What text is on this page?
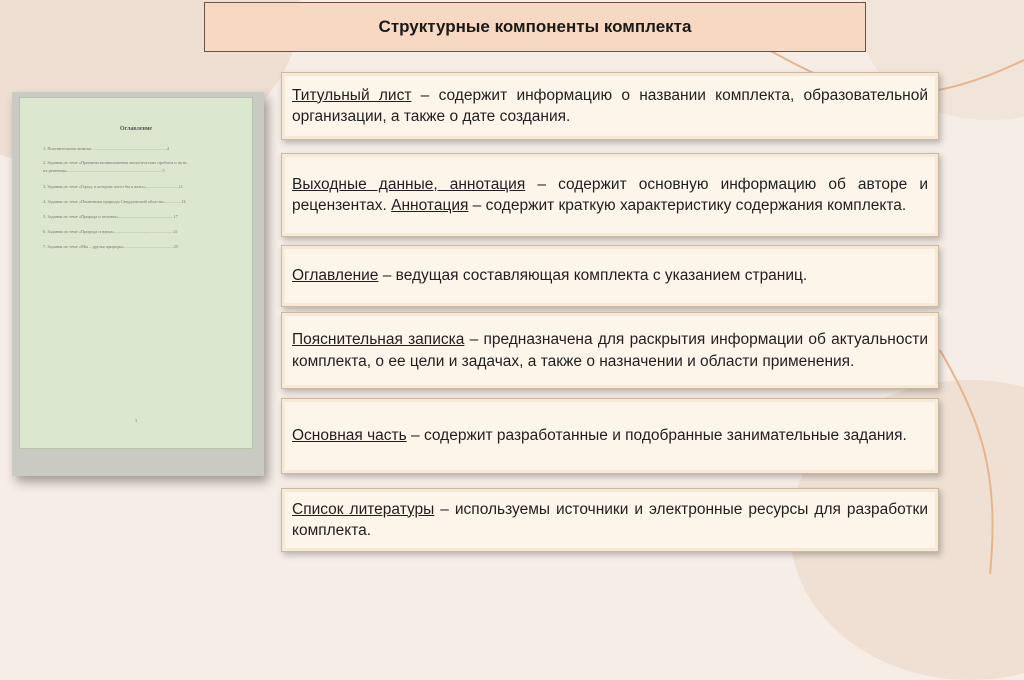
Структурные компоненты комплекта
Оглавление
1. Пояснительная записка.....................................................................4
2. Задания по теме «Причины возникновения экологических проблем и пути
их решения».......................................................................................5
3. Задания по теме «Город, в котором хотел бы я жить»..............................11
4. Задания по теме «Памятники природы Свердловской области»...............14
5. Задания по теме «Природа и человек»..................................................17
6. Задания по теме «Природа и наука»......................................................21
7. Задания по теме «Мы – друзья природы».............................................25
3
Титульный лист – содержит информацию о названии комплекта, образовательной организации, а также о дате создания.
Выходные данные, аннотация – содержит основную информацию об авторе и рецензентах. Аннотация – содержит краткую характеристику содержания комплекта.
Оглавление – ведущая составляющая комплекта с указанием страниц.
Пояснительная записка – предназначена для раскрытия информации об актуальности комплекта, о ее цели и задачах, а также о назначении и области применения.
Основная часть – содержит разработанные и подобранные занимательные задания.
Список литературы – используемы источники и электронные ресурсы для разработки комплекта.
